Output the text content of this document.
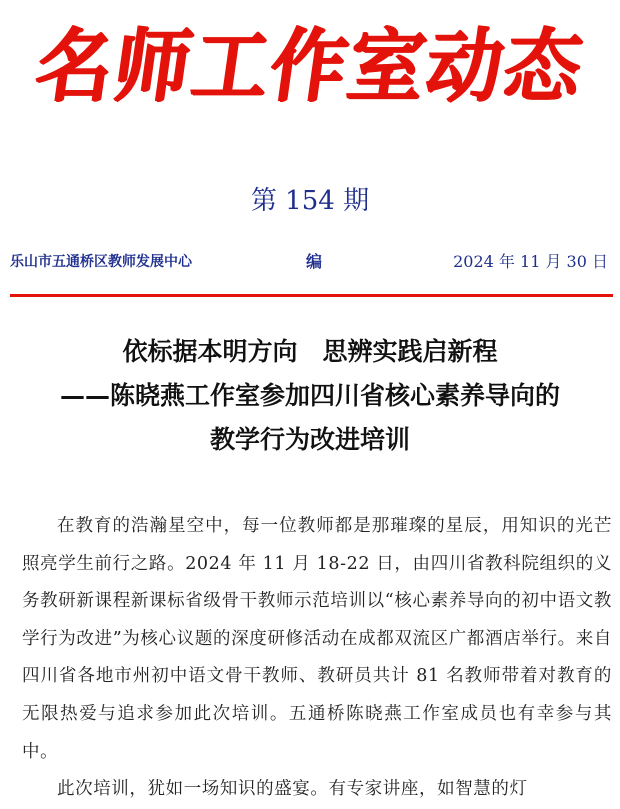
名师工作室动态
第 154 期
乐山市五通桥区教师发展中心	编	2024 年 11 月 30 日
依标据本明方向　思辨实践启新程
——陈晓燕工作室参加四川省核心素养导向的
教学行为改进培训

在教育的浩瀚星空中，每一位教师都是那璀璨的星辰，用知识的光芒照亮学生前行之路。2024 年 11 月 18-22 日，由四川省教科院组织的义务教研新课程新课标省级骨干教师示范培训以“核心素养导向的初中语文教学行为改进”为核心议题的深度研修活动在成都双流区广都酒店举行。来自四川省各地市州初中语文骨干教师、教研员共计 81 名教师带着对教育的无限热爱与追求参加此次培训。五通桥陈晓燕工作室成员也有幸参与其中。

此次培训，犹如一场知识的盛宴。有专家讲座，如智慧的灯
